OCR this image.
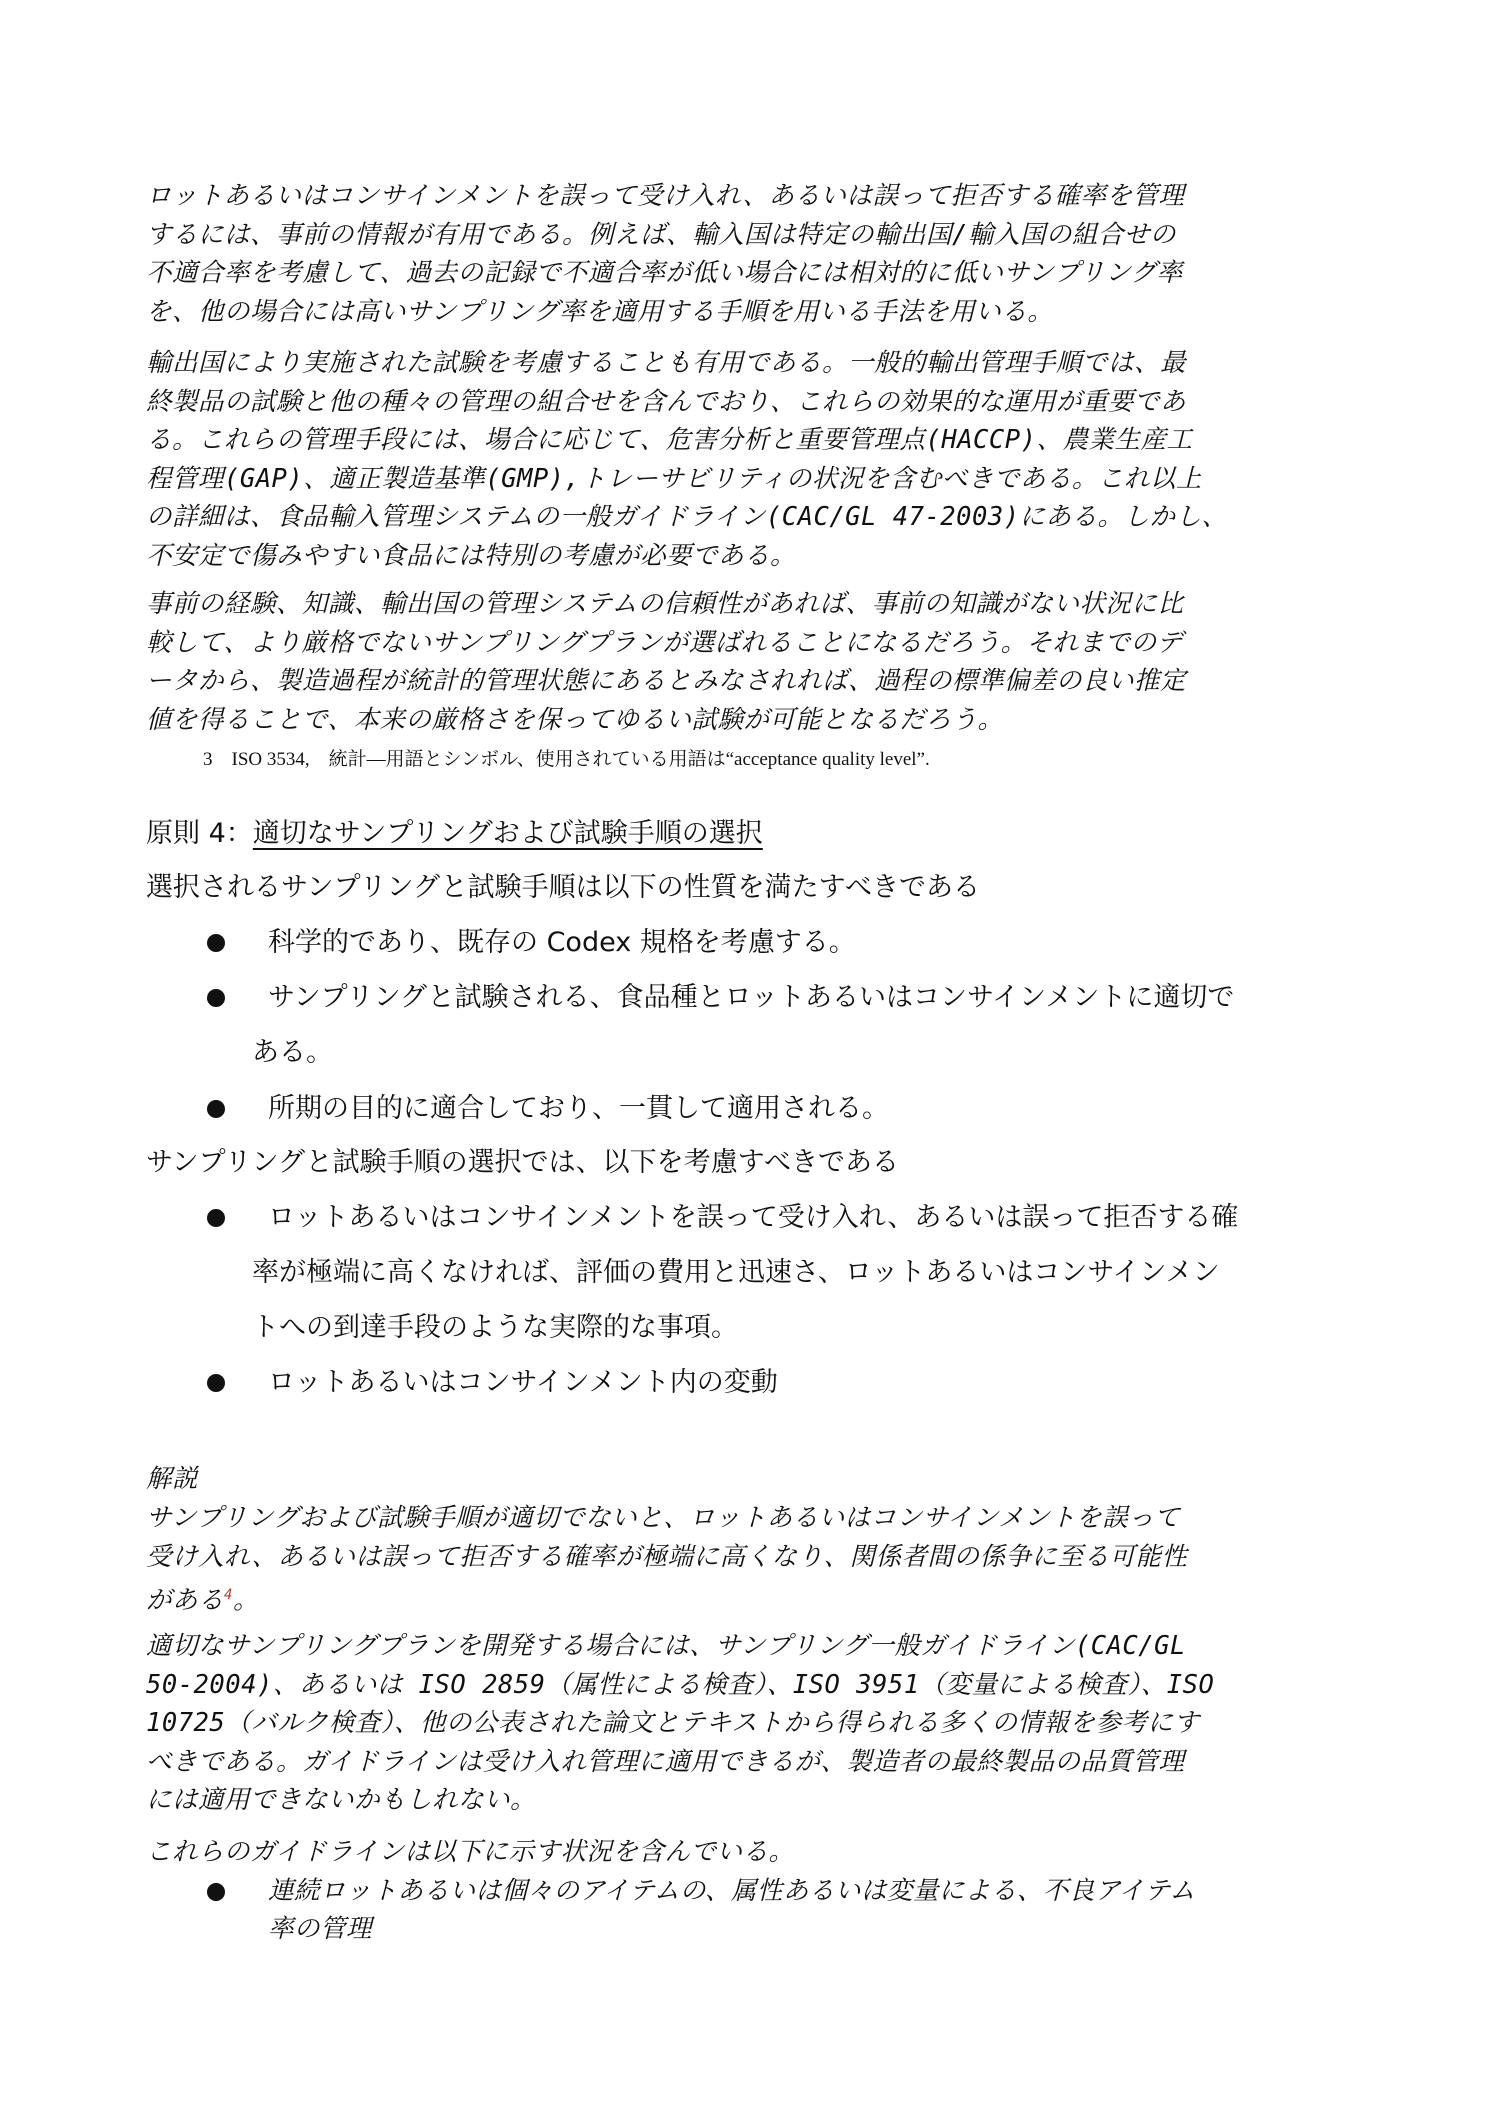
ロットあるいはコンサインメントを誤って受け入れ、あるいは誤って拒否する確率を管理
するには、事前の情報が有用である。例えば、輸入国は特定の輸出国/輸入国の組合せの
不適合率を考慮して、過去の記録で不適合率が低い場合には相対的に低いサンプリング率
を、他の場合には高いサンプリング率を適用する手順を用いる手法を用いる。
輸出国により実施された試験を考慮することも有用である。一般的輸出管理手順では、最
終製品の試験と他の種々の管理の組合せを含んでおり、これらの効果的な運用が重要であ
る。これらの管理手段には、場合に応じて、危害分析と重要管理点(HACCP)、農業生産工
程管理(GAP)、適正製造基準(GMP),トレーサビリティの状況を含むべきである。これ以上
の詳細は、食品輸入管理システムの一般ガイドライン(CAC/GL 47-2003)にある。しかし、
不安定で傷みやすい食品には特別の考慮が必要である。
事前の経験、知識、輸出国の管理システムの信頼性があれば、事前の知識がない状況に比
較して、より厳格でないサンプリングプランが選ばれることになるだろう。それまでのデ
ータから、製造過程が統計的管理状態にあるとみなされれば、過程の標準偏差の良い推定
値を得ることで、本来の厳格さを保ってゆるい試験が可能となるだろう。
3　ISO 3534,　統計―用語とシンボル、使用されている用語は“acceptance quality level”.
原則 4：適切なサンプリングおよび試験手順の選択
選択されるサンプリングと試験手順は以下の性質を満たすべきである
科学的であり、既存の Codex 規格を考慮する。
サンプリングと試験される、食品種とロットあるいはコンサインメントに適切で
ある。
所期の目的に適合しており、一貫して適用される。
サンプリングと試験手順の選択では、以下を考慮すべきである
ロットあるいはコンサインメントを誤って受け入れ、あるいは誤って拒否する確
率が極端に高くなければ、評価の費用と迅速さ、ロットあるいはコンサインメン
トへの到達手段のような実際的な事項。
ロットあるいはコンサインメント内の変動
解説
サンプリングおよび試験手順が適切でないと、ロットあるいはコンサインメントを誤って
受け入れ、あるいは誤って拒否する確率が極端に高くなり、関係者間の係争に至る可能性
がある$^4$。
適切なサンプリングプランを開発する場合には、サンプリング一般ガイドライン(CAC/GL
50-2004)、あるいは ISO 2859（属性による検査）、ISO 3951（変量による検査）、ISO
10725（バルク検査）、他の公表された論文とテキストから得られる多くの情報を参考にす
べきである。ガイドラインは受け入れ管理に適用できるが、製造者の最終製品の品質管理
には適用できないかもしれない。
これらのガイドラインは以下に示す状況を含んでいる。
連続ロットあるいは個々のアイテムの、属性あるいは変量による、不良アイテム
率の管理
